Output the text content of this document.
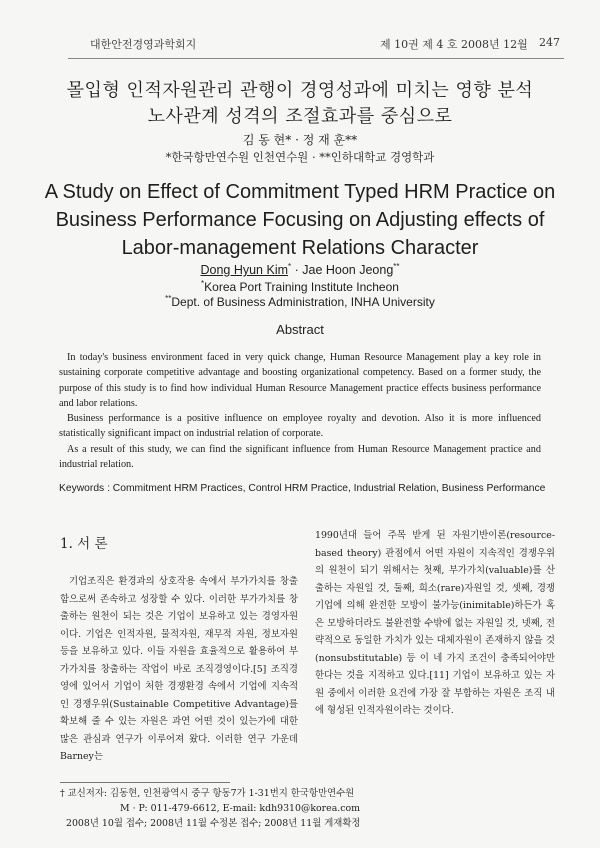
대한안전경영과학회지	제 10권 제 4 호 2008년 12월 247
몰입형 인적자원관리 관행이 경영성과에 미치는 영향 분석
노사관계 성격의 조절효과를 중심으로
김 동 현* · 정 재 훈**
*한국항만연수원 인천연수원 · **인하대학교 경영학과
A Study on Effect of Commitment Typed HRM Practice on
Business Performance Focusing on Adjusting effects of
Labor-management Relations Character
Dong Hyun Kim* · Jae Hoon Jeong**
*Korea Port Training Institute Incheon
**Dept. of Business Administration, INHA University
Abstract

In today's business environment faced in very quick change, Human Resource Management play a key role in sustaining corporate competitive advantage and boosting organizational competency. Based on a former study, the purpose of this study is to find how individual Human Resource Management practice effects business performance and labor relations.

Business performance is a positive influence on employee royalty and devotion. Also it is more influenced statistically significant impact on industrial relation of corporate.

As a result of this study, we can find the significant influence from Human Resource Management practice and industrial relation.

Keywords : Commitment HRM Practices, Control HRM Practice, Industrial Relation, Business Performance
1. 서 론

기업조직은 환경과의 상호작용 속에서 부가가치를 창출함으로써 존속하고 성장할 수 있다. 이러한 부가가치를 창출하는 원천이 되는 것은 기업이 보유하고 있는 경영자원이다. 기업은 인적자원, 물적자원, 재무적 자원, 정보자원 등을 보유하고 있다. 이들 자원을 효율적으로 활용하여 부가가치를 창출하는 작업이 바로 조직경영이다.[5] 조직경영에 있어서 기업이 처한 경쟁환경 속에서 기업에 지속적인 경쟁우위(Sustainable Competitive Advantage)를 확보해 줄 수 있는 자원은 과연 어떤 것이 있는가에 대한 많은 관심과 연구가 이루어져 왔다. 이러한 연구 가운데 Barney는

1990년대 들어 주목 받게 된 자원기반이론(resource-based theory) 관점에서 어떤 자원이 지속적인 경쟁우위의 원천이 되기 위해서는 첫째, 부가가치(valuable)를 산출하는 자원일 것, 둘째, 희소(rare)자원일 것, 셋째, 경쟁기업에 의해 완전한 모방이 불가능(inimitable)하든가 혹은 모방하더라도 불완전할 수밖에 없는 자원일 것, 넷째, 전략적으로 동일한 가치가 있는 대체자원이 존재하지 않을 것(nonsubstitutable) 등 이 네 가지 조건이 충족되어야만 한다는 것을 지적하고 있다.[11] 기업이 보유하고 있는 자원 중에서 이러한 요건에 가장 잘 부합하는 자원은 조직 내에 형성된 인적자원이라는 것이다.

† 교신저자: 김동현, 인천광역시 중구 항동7가 1-31번지 한국항만연수원
M · P: 011-479-6612, E-mail: kdh9310@korea.com
2008년 10월 접수; 2008년 11월 수정본 접수; 2008년 11월 게재확정
